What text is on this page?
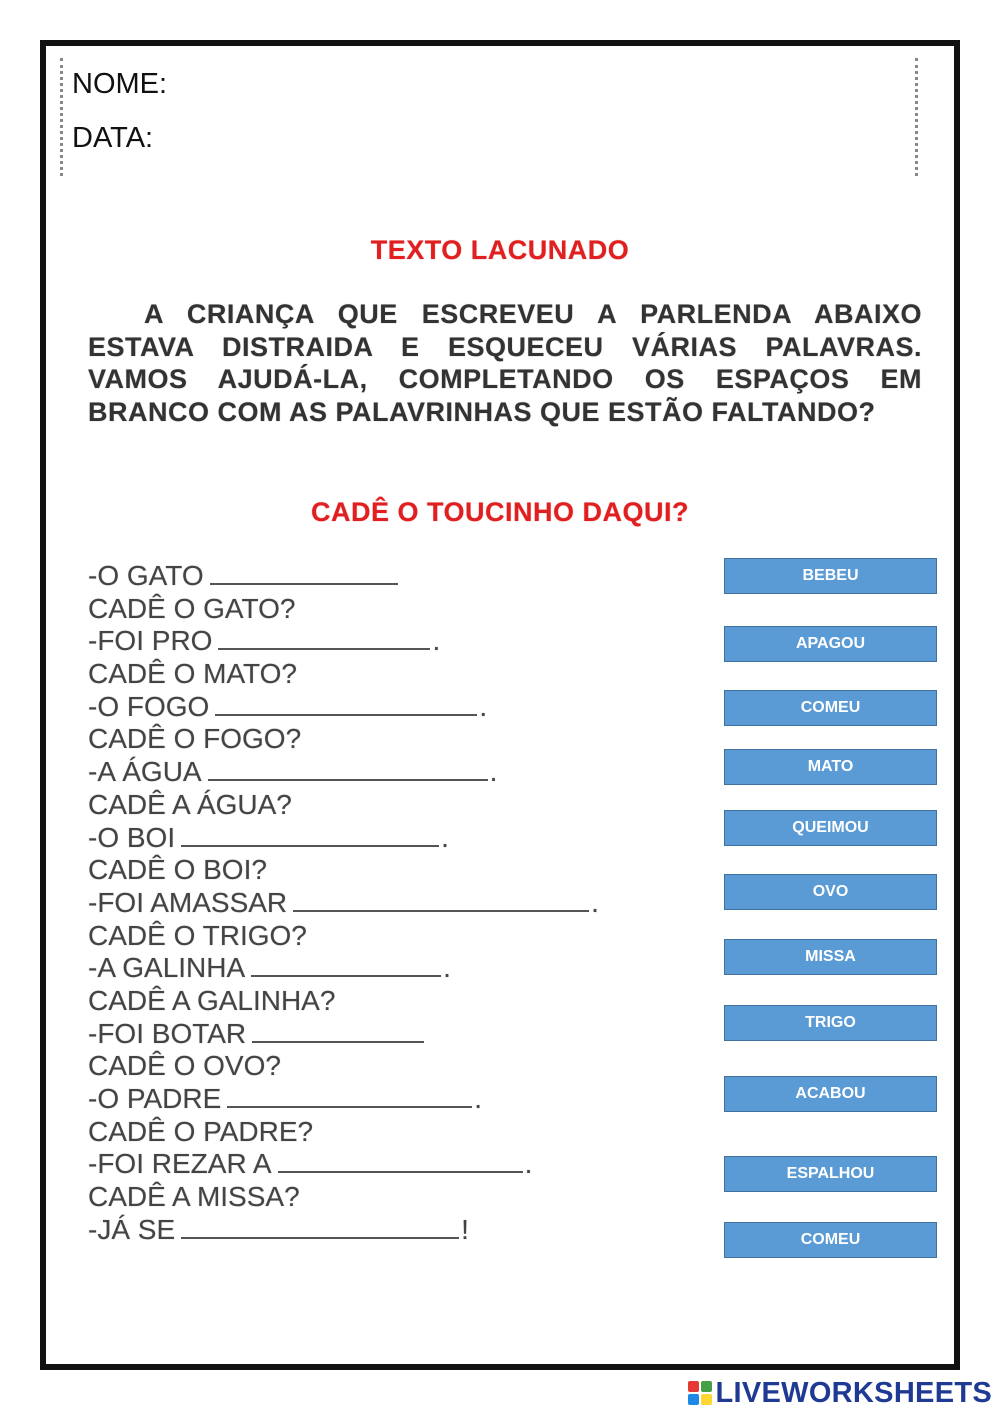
NOME:
DATA:
TEXTO LACUNADO
A CRIANÇA QUE ESCREVEU A PARLENDA ABAIXO ESTAVA DISTRAIDA E ESQUECEU VÁRIAS PALAVRAS. VAMOS AJUDÁ-LA, COMPLETANDO OS ESPAÇOS EM BRANCO COM AS PALAVRINHAS QUE ESTÃO FALTANDO?
CADÊ O TOUCINHO DAQUI?
-O GATO
CADÊ O GATO?
-FOI PRO	.
CADÊ O MATO?
-O FOGO	.
CADÊ O FOGO?
-A ÁGUA	.
CADÊ A ÁGUA?
-O BOI	.
CADÊ O BOI?
-FOI AMASSAR	.
CADÊ O TRIGO?
-A GALINHA	.
CADÊ A GALINHA?
-FOI BOTAR
CADÊ O OVO?
-O PADRE	.
CADÊ O PADRE?
-FOI REZAR A	.
CADÊ A MISSA?
-JÁ SE	!
BEBEU
APAGOU
COMEU
MATO
QUEIMOU
OVO
MISSA
TRIGO
ACABOU
ESPALHOU
COMEU
LIVEWORKSHEETS
